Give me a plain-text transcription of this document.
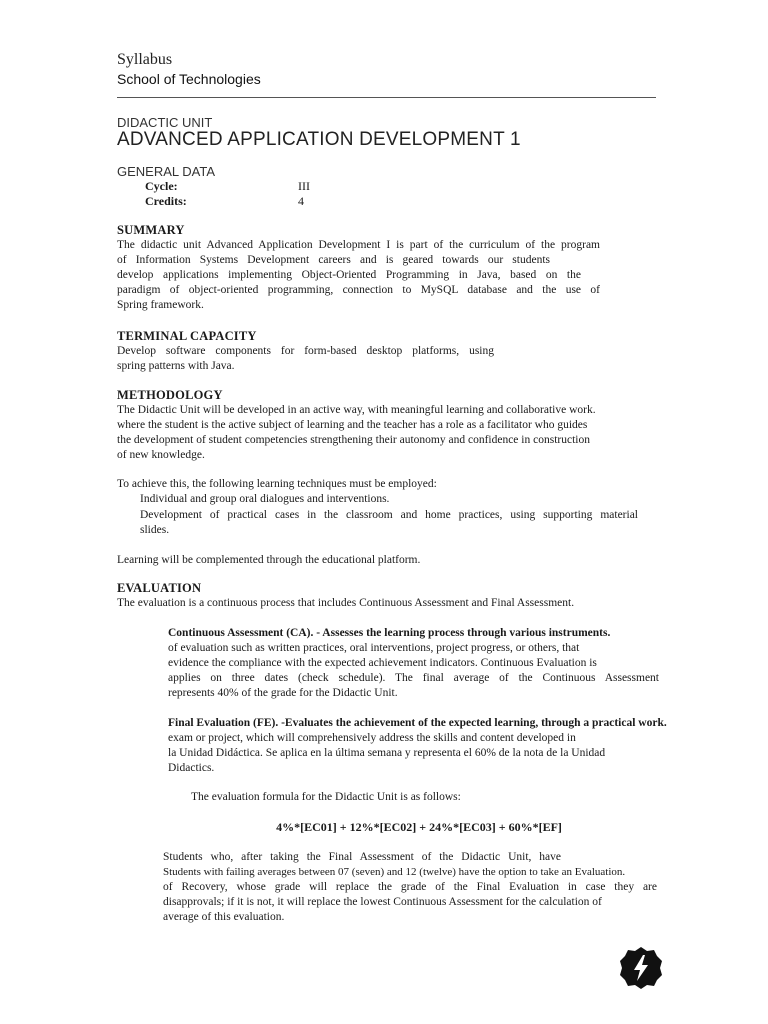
Syllabus
School of Technologies
DIDACTIC UNIT
ADVANCED APPLICATION DEVELOPMENT 1
GENERAL DATA
Cycle:	III
Credits:	4
SUMMARY
The didactic unit Advanced Application Development I is part of the curriculum of the program
of Information Systems Development careers and is geared towards our students
develop applications implementing Object-Oriented Programming in Java, based on the
paradigm of object-oriented programming, connection to MySQL database and the use of
Spring framework.
TERMINAL CAPACITY
Develop software components for form-based desktop platforms, using
spring patterns with Java.
METHODOLOGY
The Didactic Unit will be developed in an active way, with meaningful learning and collaborative work.
where the student is the active subject of learning and the teacher has a role as a facilitator who guides
the development of student competencies strengthening their autonomy and confidence in construction
of new knowledge.
To achieve this, the following learning techniques must be employed:
Individual and group oral dialogues and interventions.
Development of practical cases in the classroom and home practices, using supporting material
slides.
Learning will be complemented through the educational platform.
EVALUATION
The evaluation is a continuous process that includes Continuous Assessment and Final Assessment.
Continuous Assessment (CA). - Assesses the learning process through various instruments.
of evaluation such as written practices, oral interventions, project progress, or others, that
evidence the compliance with the expected achievement indicators. Continuous Evaluation is
applies on three dates (check schedule). The final average of the Continuous Assessment
represents 40% of the grade for the Didactic Unit.
Final Evaluation (FE). -Evaluates the achievement of the expected learning, through a practical work.
exam or project, which will comprehensively address the skills and content developed in
la Unidad Didáctica. Se aplica en la última semana y representa el 60% de la nota de la Unidad
Didactics.
The evaluation formula for the Didactic Unit is as follows:
4%*[EC01] + 12%*[EC02] + 24%*[EC03] + 60%*[EF]
Students who, after taking the Final Assessment of the Didactic Unit, have
Students with failing averages between 07 (seven) and 12 (twelve) have the option to take an Evaluation.
of Recovery, whose grade will replace the grade of the Final Evaluation in case they are
disapprovals; if it is not, it will replace the lowest Continuous Assessment for the calculation of
average of this evaluation.
